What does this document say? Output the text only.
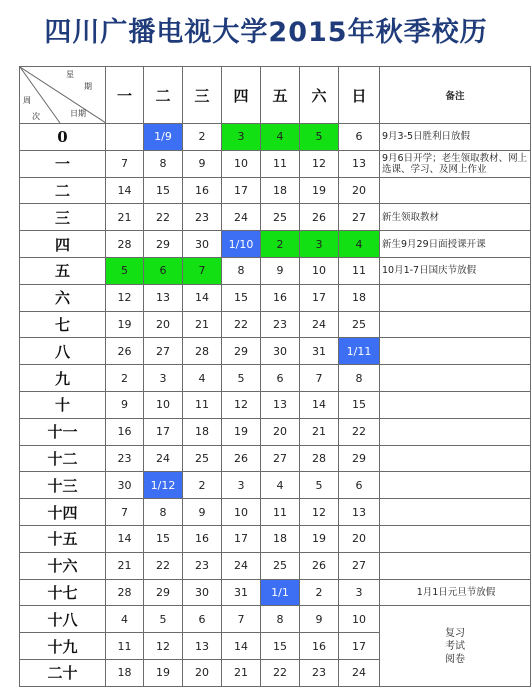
四川广播电视大学2015年秋季校历
星
期
周
次 日期	一	二	三	四	五	六	日	备注
0		1/9	2	3	4	5	6	9月3-5日胜利日放假
一	7	8	9	10	11	12	13	9月6日开学；老生领取教材、网上选课、学习、及网上作业
二	14	15	16	17	18	19	20	
三	21	22	23	24	25	26	27	新生领取教材
四	28	29	30	1/10	2	3	4	新生9月29日面授课开课
五	5	6	7	8	9	10	11	10月1-7日国庆节放假
六	12	13	14	15	16	17	18	
七	19	20	21	22	23	24	25	
八	26	27	28	29	30	31	1/11	
九	2	3	4	5	6	7	8	
十	9	10	11	12	13	14	15	
十一	16	17	18	19	20	21	22	
十二	23	24	25	26	27	28	29	
十三	30	1/12	2	3	4	5	6	
十四	7	8	9	10	11	12	13	
十五	14	15	16	17	18	19	20	
十六	21	22	23	24	25	26	27	
十七	28	29	30	31	1/1	2	3	1月1日元旦节放假
十八	4	5	6	7	8	9	10	复习
考试
阅卷

十九	11	12	13	14	15	16	17	
二十	18	19	20	21	22	23	24	
